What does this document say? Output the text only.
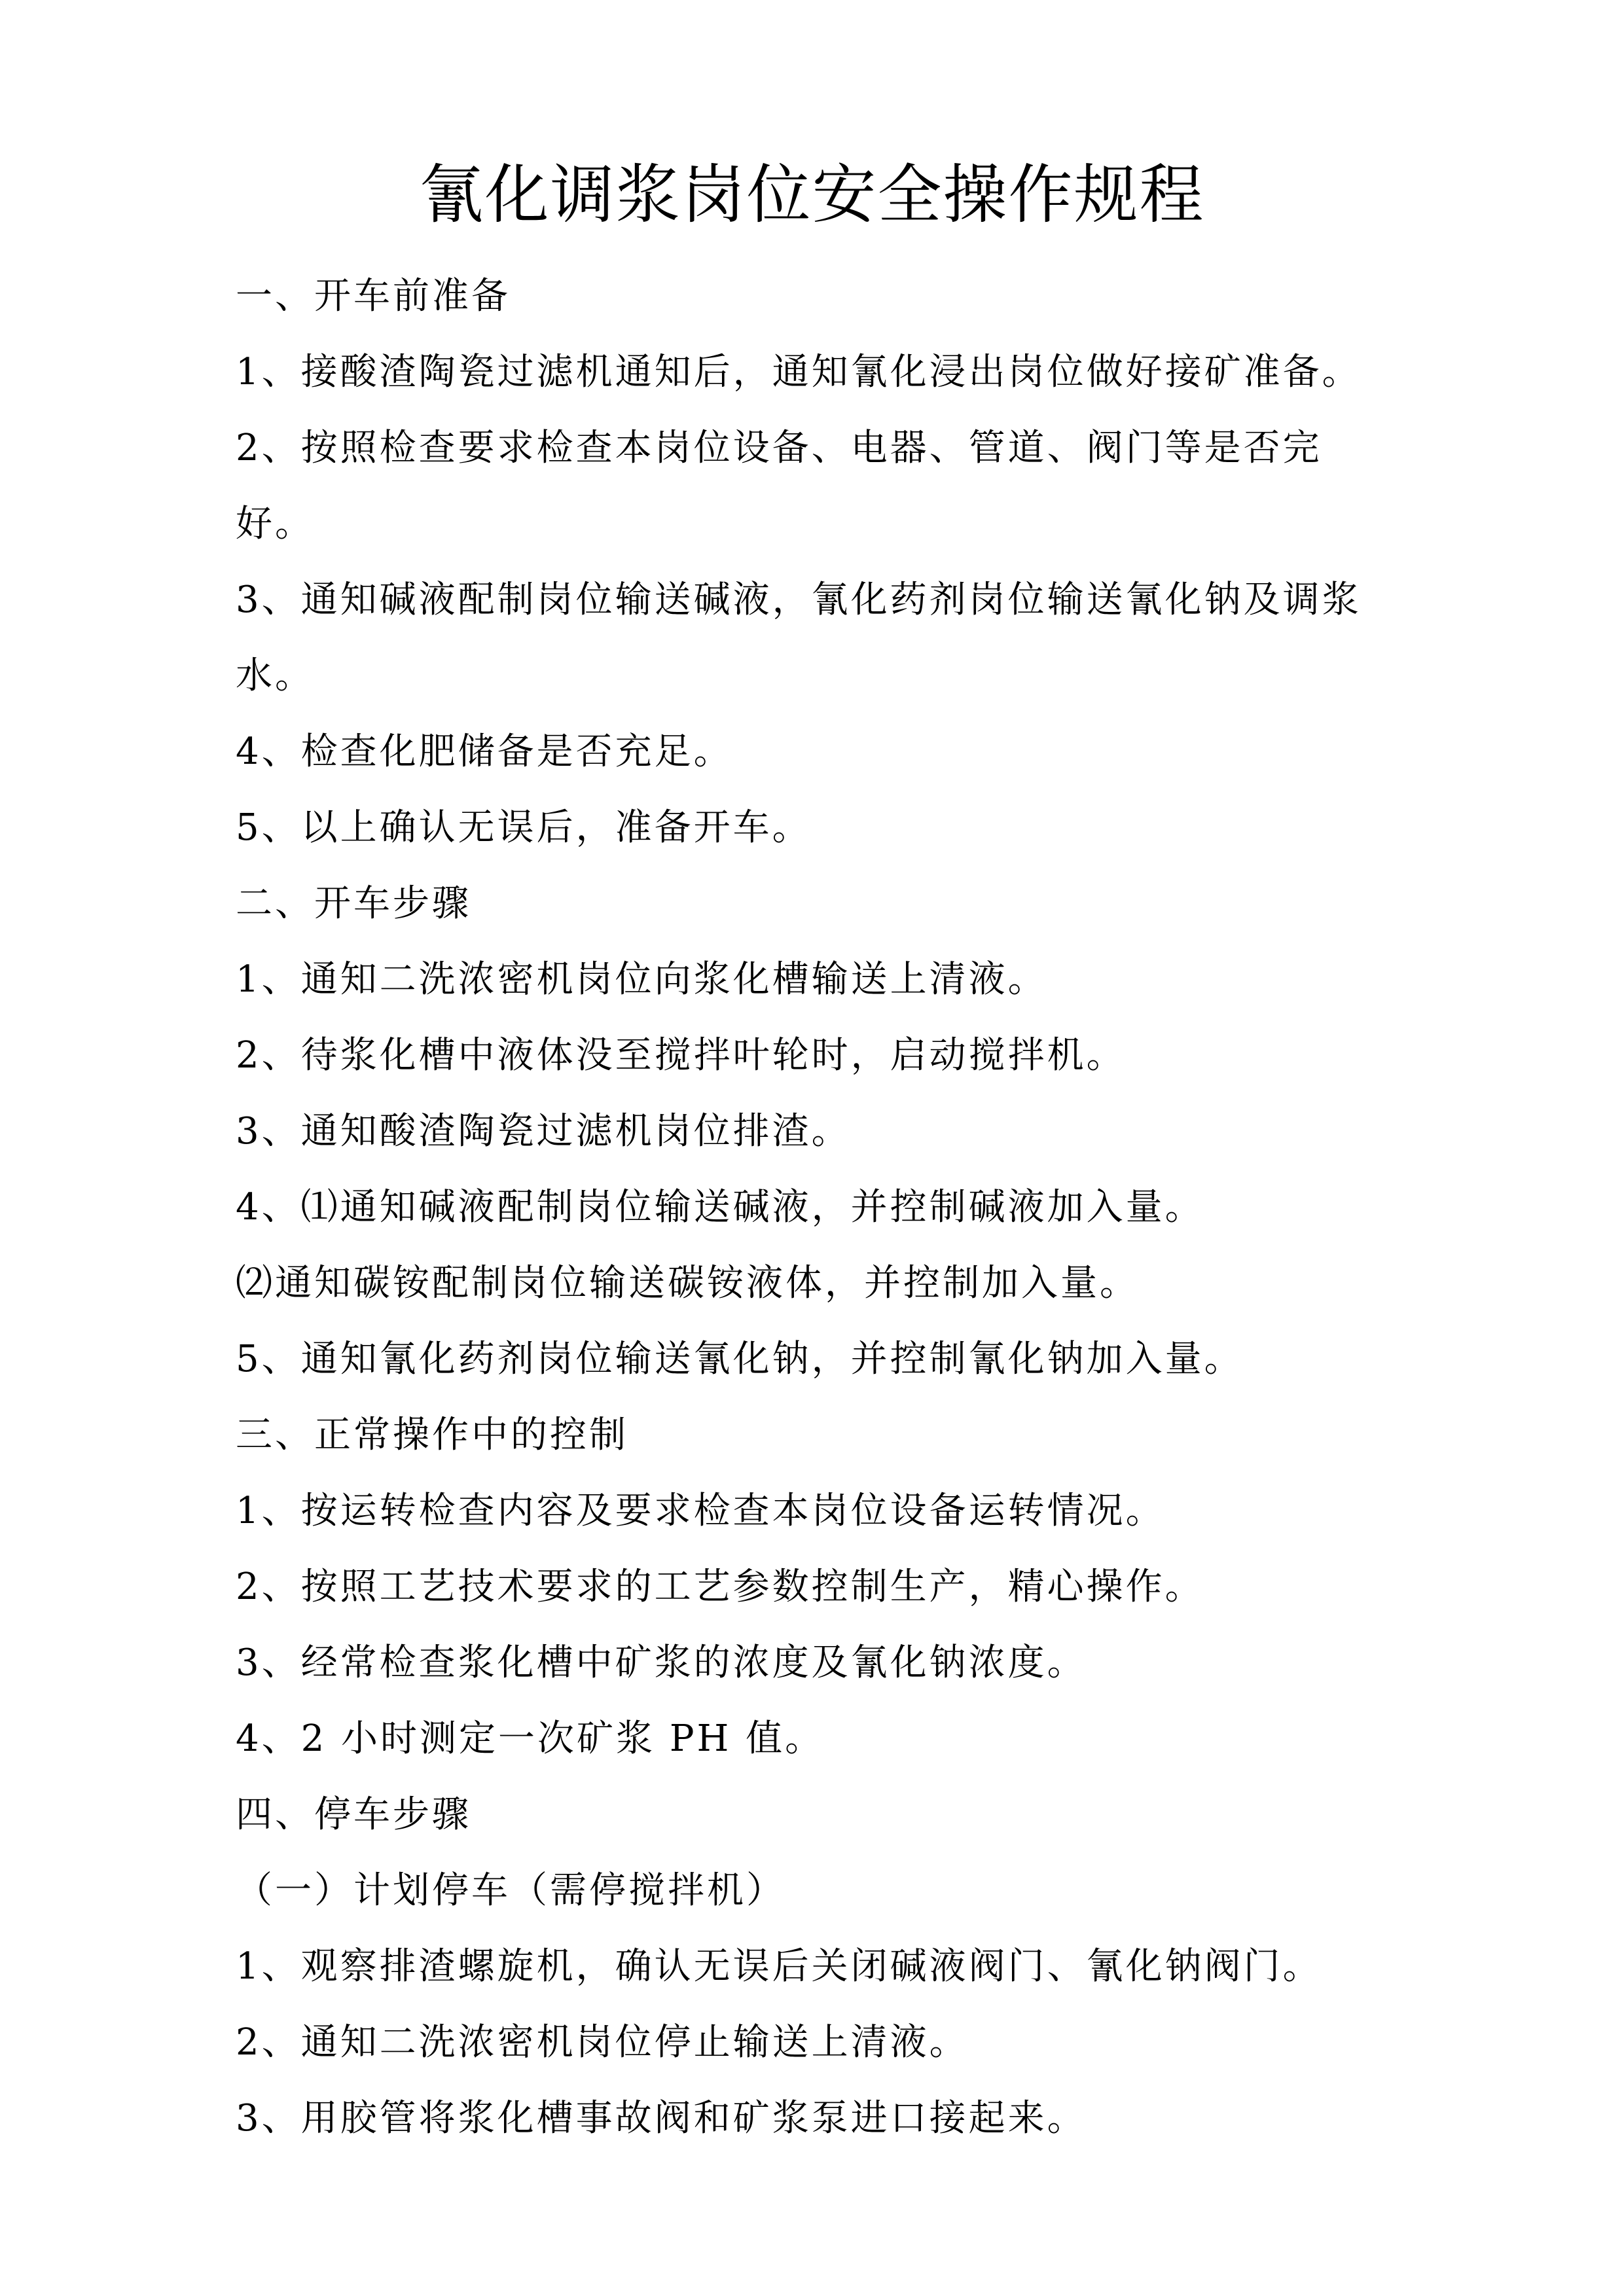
氰化调浆岗位安全操作规程
一、开车前准备
1、接酸渣陶瓷过滤机通知后，通知氰化浸出岗位做好接矿准备。
2、按照检查要求检查本岗位设备、电器、管道、阀门等是否完
好。
3、通知碱液配制岗位输送碱液，氰化药剂岗位输送氰化钠及调浆
水。
4、检查化肥储备是否充足。
5、以上确认无误后，准备开车。
二、开车步骤
1、通知二洗浓密机岗位向浆化槽输送上清液。
2、待浆化槽中液体没至搅拌叶轮时，启动搅拌机。
3、通知酸渣陶瓷过滤机岗位排渣。
4、⑴通知碱液配制岗位输送碱液，并控制碱液加入量。
⑵通知碳铵配制岗位输送碳铵液体，并控制加入量。
5、通知氰化药剂岗位输送氰化钠，并控制氰化钠加入量。
三、正常操作中的控制
1、按运转检查内容及要求检查本岗位设备运转情况。
2、按照工艺技术要求的工艺参数控制生产，精心操作。
3、经常检查浆化槽中矿浆的浓度及氰化钠浓度。
4、2 小时测定一次矿浆 PH 值。
四、停车步骤
（一）计划停车（需停搅拌机）
1、观察排渣螺旋机，确认无误后关闭碱液阀门、氰化钠阀门。
2、通知二洗浓密机岗位停止输送上清液。
3、用胶管将浆化槽事故阀和矿浆泵进口接起来。
